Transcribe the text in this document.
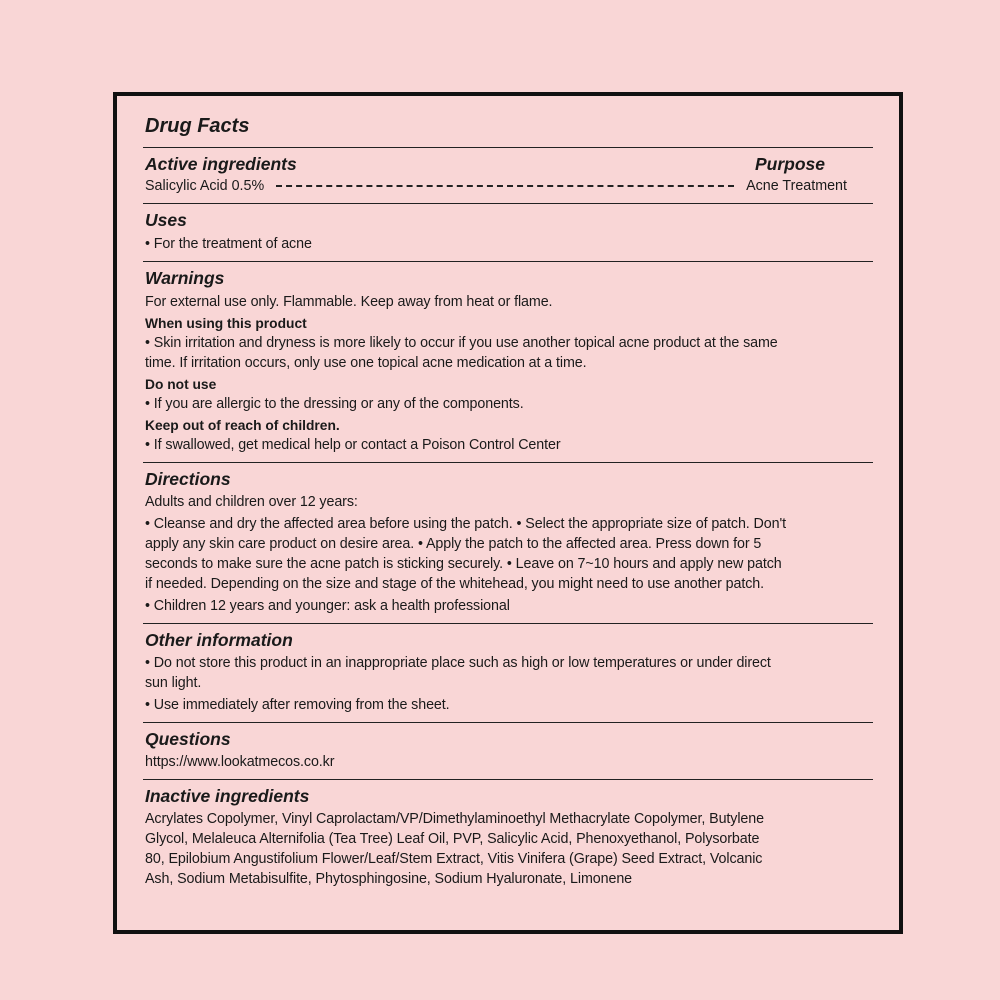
Drug Facts
Active ingredients	Purpose
Salicylic Acid 0.5%	Acne Treatment
Uses
• For the treatment of acne
Warnings
For external use only. Flammable. Keep away from heat or flame.
When using this product
• Skin irritation and dryness is more likely to occur if you use another topical acne product at the same
time. If irritation occurs, only use one topical acne medication at a time.
Do not use
• If you are allergic to the dressing or any of the components.
Keep out of reach of children.
• If swallowed, get medical help or contact a Poison Control Center
Directions
Adults and children over 12 years:
• Cleanse and dry the affected area before using the patch. • Select the appropriate size of patch. Don't
apply any skin care product on desire area. • Apply the patch to the affected area. Press down for 5
seconds to make sure the acne patch is sticking securely. • Leave on 7~10 hours and apply new patch
if needed. Depending on the size and stage of the whitehead, you might need to use another patch.
• Children 12 years and younger: ask a health professional
Other information
• Do not store this product in an inappropriate place such as high or low temperatures or under direct
sun light.
• Use immediately after removing from the sheet.
Questions
https://www.lookatmecos.co.kr
Inactive ingredients
Acrylates Copolymer, Vinyl Caprolactam/VP/Dimethylaminoethyl Methacrylate Copolymer, Butylene
Glycol, Melaleuca Alternifolia (Tea Tree) Leaf Oil, PVP, Salicylic Acid, Phenoxyethanol, Polysorbate
80, Epilobium Angustifolium Flower/Leaf/Stem Extract, Vitis Vinifera (Grape) Seed Extract, Volcanic
Ash, Sodium Metabisulfite, Phytosphingosine, Sodium Hyaluronate, Limonene
